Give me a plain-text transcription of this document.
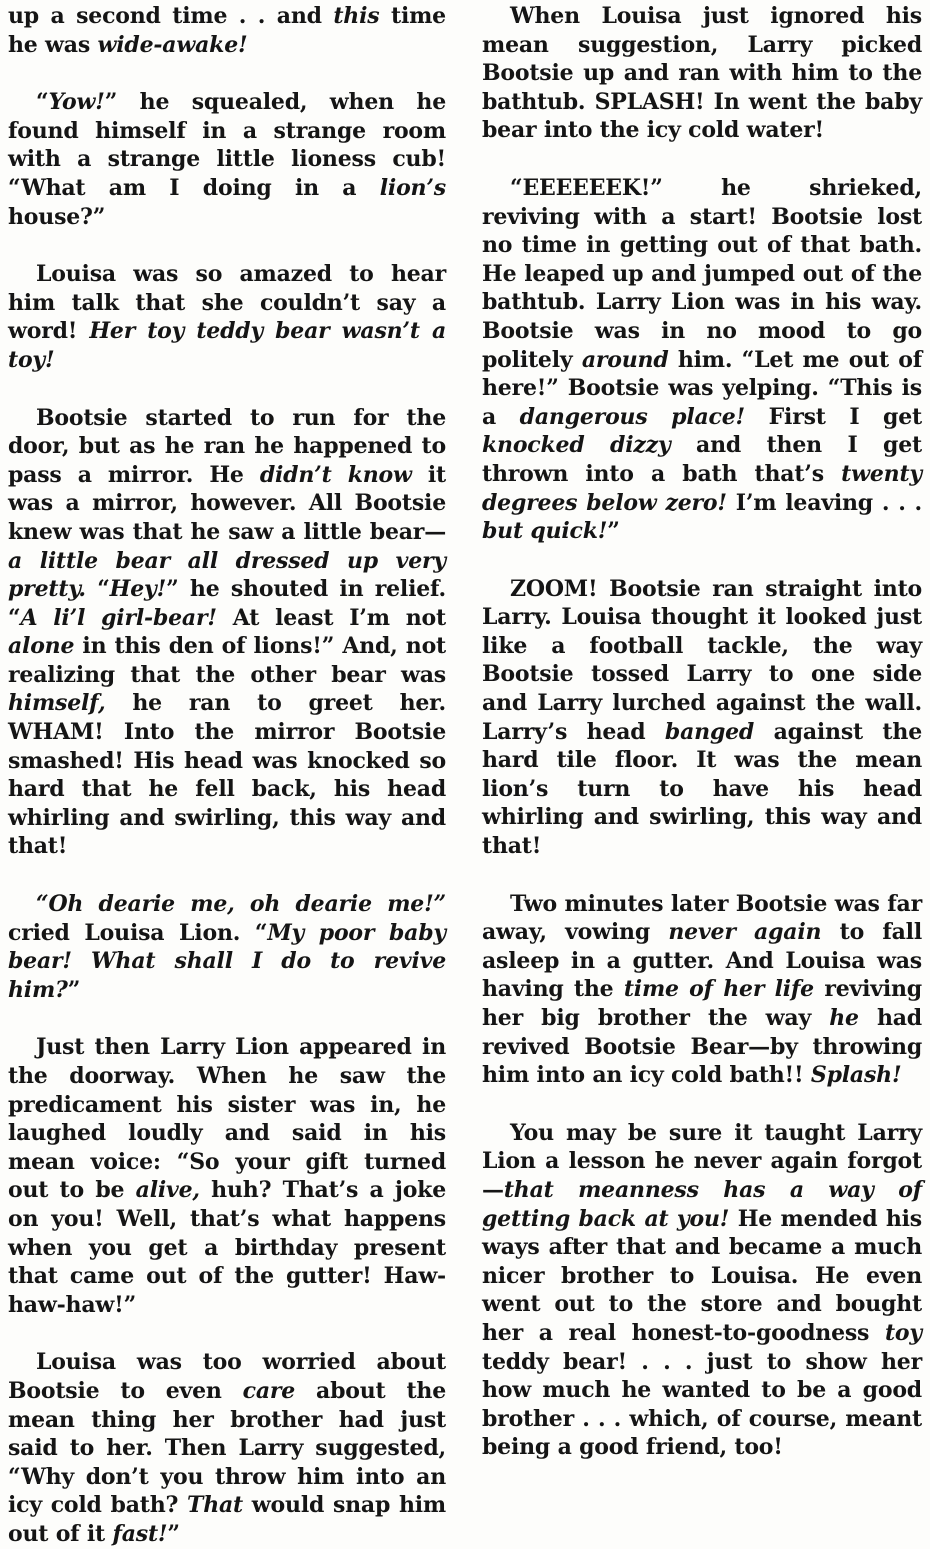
up a second time . . and this time he was wide-awake!

“Yow!” he squealed, when he found himself in a strange room with a strange little lioness cub! “What am I doing in a lion’s house?”

Louisa was so amazed to hear him talk that she couldn’t say a word! Her toy teddy bear wasn’t a toy!

Bootsie started to run for the door, but as he ran he happened to pass a mirror. He didn’t know it was a mirror, however. All Bootsie knew was that he saw a little bear—a little bear all dressed up very pretty. “Hey!” he shouted in relief. “A li’l girl-bear! At least I’m not alone in this den of lions!” And, not realizing that the other bear was himself, he ran to greet her. WHAM! Into the mirror Bootsie smashed! His head was knocked so hard that he fell back, his head whirling and swirling, this way and that!

“Oh dearie me, oh dearie me!” cried Louisa Lion. “My poor baby bear! What shall I do to revive him?”

Just then Larry Lion appeared in the doorway. When he saw the predicament his sister was in, he laughed loudly and said in his mean voice: “So your gift turned out to be alive, huh? That’s a joke on you! Well, that’s what happens when you get a birthday present that came out of the gutter! Haw-haw-haw!”

Louisa was too worried about Bootsie to even care about the mean thing her brother had just said to her. Then Larry suggested, “Why don’t you throw him into an icy cold bath? That would snap him out of it fast!”

When Louisa just ignored his mean suggestion, Larry picked Bootsie up and ran with him to the bathtub. SPLASH! In went the baby bear into the icy cold water!

“EEEEEEK!” he shrieked, reviving with a start! Bootsie lost no time in getting out of that bath. He leaped up and jumped out of the bathtub. Larry Lion was in his way. Bootsie was in no mood to go politely around him. “Let me out of here!” Bootsie was yelping. “This is a dangerous place! First I get knocked dizzy and then I get thrown into a bath that’s twenty degrees below zero! I’m leaving . . . but quick!”

ZOOM! Bootsie ran straight into Larry. Louisa thought it looked just like a football tackle, the way Bootsie tossed Larry to one side and Larry lurched against the wall. Larry’s head banged against the hard tile floor. It was the mean lion’s turn to have his head whirling and swirling, this way and that!

Two minutes later Bootsie was far away, vowing never again to fall asleep in a gutter. And Louisa was having the time of her life reviving her big brother the way he had revived Bootsie Bear—by throwing him into an icy cold bath!! Splash!

You may be sure it taught Larry Lion a lesson he never again forgot—that meanness has a way of getting back at you! He mended his ways after that and became a much nicer brother to Louisa. He even went out to the store and bought her a real honest-to-goodness toy teddy bear! . . . just to show her how much he wanted to be a good brother . . . which, of course, meant being a good friend, too!
